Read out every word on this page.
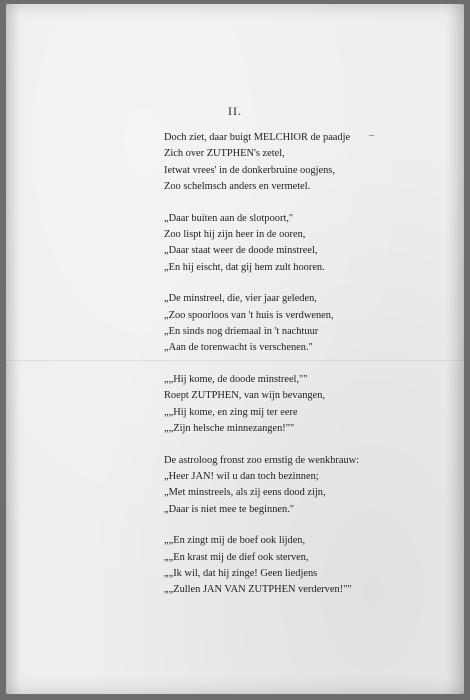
II.
–
Doch ziet, daar buigt MELCHIOR de paadje
Zich over ZUTPHEN's zetel,
Ietwat vrees' in de donkerbruine oogjens,
Zoo schelmsch anders en vermetel.
„Daar buiten aan de slotpoort,"
Zoo lispt hij zijn heer in de ooren,
„Daar staat weer de doode minstreel,
„En hij eischt, dat gij hem zult hooren.
„De minstreel, die, vier jaar geleden,
„Zoo spoorloos van 't huis is verdwenen,
„En sinds nog driemaal in 't nachtuur
„Aan de torenwacht is verschenen."
„„Hij kome, de doode minstreel,""
Roept ZUTPHEN, van wijn bevangen,
„„Hij kome, en zing mij ter eere
„„Zijn helsche minnezangen!""
De astroloog fronst zoo ernstig de wenkbrauw:
„Heer JAN! wil u dan toch bezinnen;
„Met minstreels, als zij eens dood zijn,
„Daar is niet mee te beginnen."
„„En zingt mij de boef ook lijden,
„„En krast mij de dief ook sterven,
„„Ik wil, dat hij zinge! Geen liedjens
„„Zullen JAN VAN ZUTPHEN verderven!""
